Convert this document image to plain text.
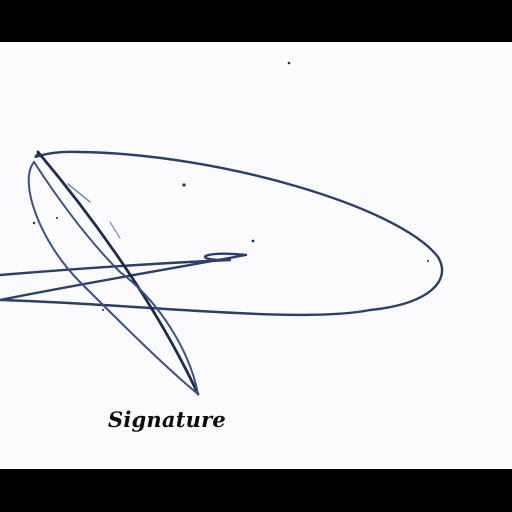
Signature
